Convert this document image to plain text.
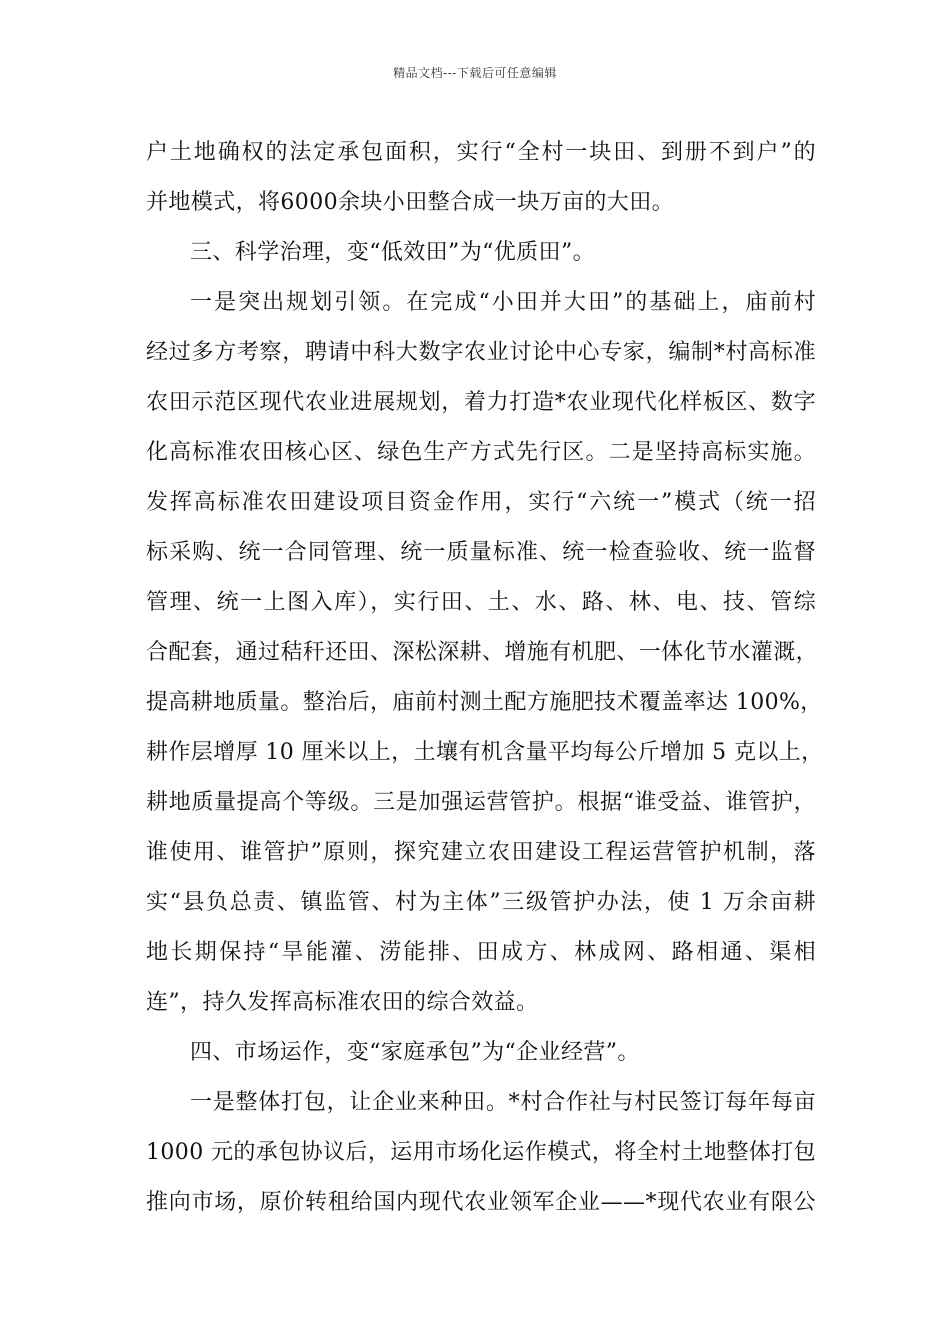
精品文档---下载后可任意编辑
户土地确权的法定承包面积，实行“全村一块田、到册不到户”的
并地模式，将6000余块小田整合成一块万亩的大田。
三、科学治理，变“低效田”为“优质田”。
一是突出规划引领。在完成“小田并大田”的基础上，庙前村
经过多方考察，聘请中科大数字农业讨论中心专家，编制*村高标准
农田示范区现代农业进展规划，着力打造*农业现代化样板区、数字
化高标准农田核心区、绿色生产方式先行区。二是坚持高标实施。
发挥高标准农田建设项目资金作用，实行“六统一”模式（统一招
标采购、统一合同管理、统一质量标准、统一检查验收、统一监督
管理、统一上图入库），实行田、土、水、路、林、电、技、管综
合配套，通过秸秆还田、深松深耕、增施有机肥、一体化节水灌溉，
提高耕地质量。整治后，庙前村测土配方施肥技术覆盖率达 100%，
耕作层增厚 10 厘米以上，土壤有机含量平均每公斤增加 5 克以上，
耕地质量提高个等级。三是加强运营管护。根据“谁受益、谁管护，
谁使用、谁管护”原则，探究建立农田建设工程运营管护机制，落
实“县负总责、镇监管、村为主体”三级管护办法，使 1 万余亩耕
地长期保持“旱能灌、涝能排、田成方、林成网、路相通、渠相
连”，持久发挥高标准农田的综合效益。
四、市场运作，变“家庭承包”为“企业经营”。
一是整体打包，让企业来种田。*村合作社与村民签订每年每亩
1000 元的承包协议后，运用市场化运作模式，将全村土地整体打包
推向市场，原价转租给国内现代农业领军企业——*现代农业有限公
